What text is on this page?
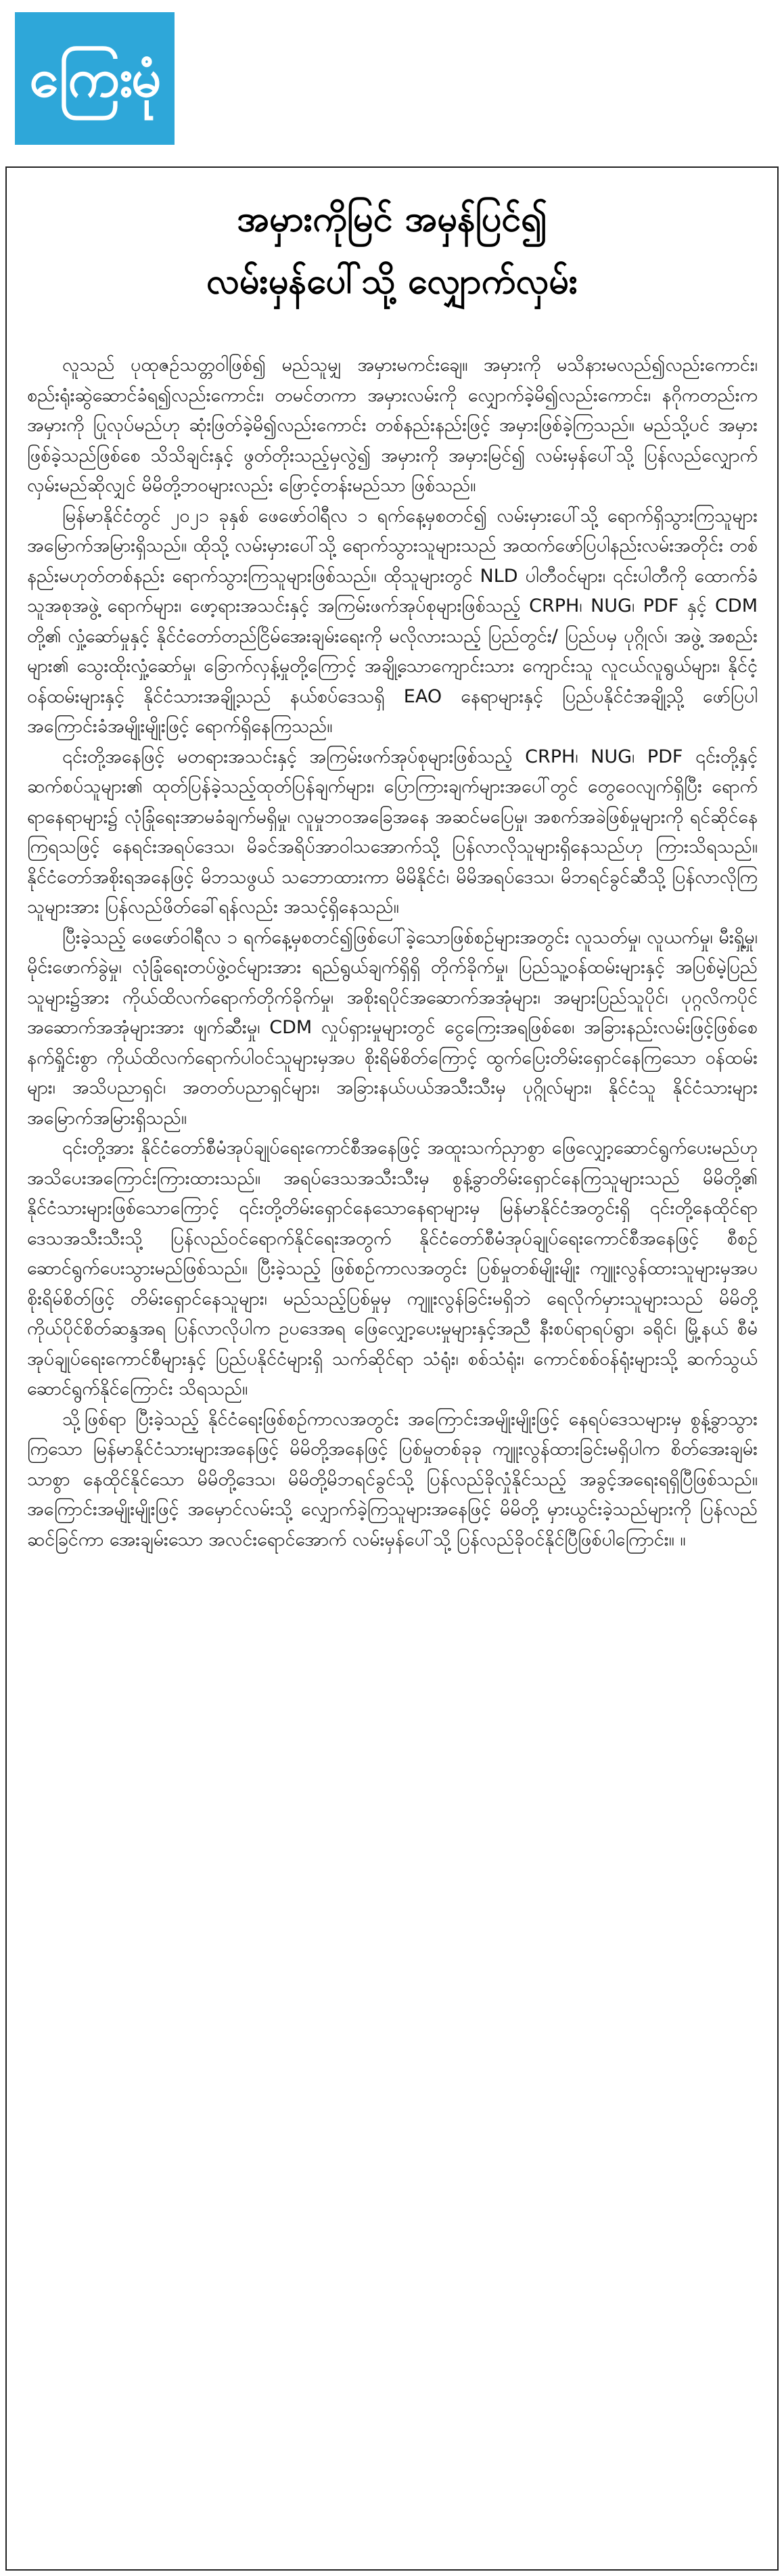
ကြေးမုံ
အမှားကိုမြင် အမှန်ပြင်၍
လမ်းမှန်ပေါ်သို့ လျှောက်လှမ်း

လူသည် ပုထုဇဉ်သတ္တဝါဖြစ်၍ မည်သူမျှ အမှားမကင်းချေ။ အမှားကို မသိနားမလည်၍လည်းကောင်း၊ စည်းရုံးဆွဲဆောင်ခံရ၍လည်းကောင်း၊ တမင်တကာ အမှားလမ်းကို လျှောက်ခဲ့မိ၍လည်းကောင်း၊ နဂိုကတည်းက အမှားကို ပြုလုပ်မည်ဟု ဆုံးဖြတ်ခဲ့မိ၍လည်းကောင်း တစ်နည်းနည်းဖြင့် အမှားဖြစ်ခဲ့ကြသည်။ မည်သို့ပင် အမှားဖြစ်ခဲ့သည်ဖြစ်စေ သိသိချင်းနှင့် ဖွတ်တိုးသည့်မှလွဲ၍ အမှားကို အမှားမြင်၍ လမ်းမှန်ပေါ်သို့ ပြန်လည်လျှောက်လှမ်းမည်ဆိုလျှင် မိမိတို့ဘဝများလည်း ဖြောင့်တန်းမည်သာ ဖြစ်သည်။

မြန်မာနိုင်ငံတွင် ၂၀၂၁ ခုနှစ် ဖေဖော်ဝါရီလ ၁ ရက်နေ့မှစတင်၍ လမ်းမှားပေါ်သို့ ရောက်ရှိသွားကြသူများ အမြောက်အမြားရှိသည်။ ထိုသို့ လမ်းမှားပေါ်သို့ ရောက်သွားသူများသည် အထက်ဖော်ပြပါနည်းလမ်းအတိုင်း တစ်နည်းမဟုတ်တစ်နည်း ရောက်သွားကြသူများဖြစ်သည်။ ထိုသူများတွင် NLD ပါတီဝင်များ၊ ၎င်းပါတီကို ထောက်ခံသူအစုအဖွဲ့ ရောက်များ၊ ဖော့ရားအသင်းနှင့် အကြမ်းဖက်အုပ်စုများဖြစ်သည့် CRPH၊ NUG၊ PDF နှင့် CDM တို့၏ လှုံ့ဆော်မှုနှင့် နိုင်ငံတော်တည်ငြိမ်အေးချမ်းရေးကို မလိုလားသည့် ပြည်တွင်း/ ပြည်ပမှ ပုဂ္ဂိုလ်၊ အဖွဲ့ အစည်းများ၏ သွေးထိုးလှုံ့ဆော်မှု၊ ခြောက်လှန့်မှုတို့ကြောင့် အချို့သောကျောင်းသား ကျောင်းသူ လူငယ်လူရွယ်များ၊ နိုင်ငံ့ဝန်ထမ်းများနှင့် နိုင်ငံသားအချို့သည် နယ်စပ်ဒေသရှိ EAO နေရာများနှင့် ပြည်ပနိုင်ငံအချို့သို့ ဖော်ပြပါအကြောင်းခံအမျိုးမျိုးဖြင့် ရောက်ရှိနေကြသည်။

၎င်းတို့အနေဖြင့် မတရားအသင်းနှင့် အကြမ်းဖက်အုပ်စုများဖြစ်သည့် CRPH၊ NUG၊ PDF ၎င်းတို့နှင့်ဆက်စပ်သူများ၏ ထုတ်ပြန်ခဲ့သည့်ထုတ်ပြန်ချက်များ၊ ပြောကြားချက်များအပေါ်တွင် တွေဝေလျက်ရှိပြီး ရောက်ရာနေရာများ၌ လုံခြုံရေးအာမခံချက်မရှိမှု၊ လူမှုဘဝအခြေအနေ အဆင်မပြေမှု၊ အစက်အခဲဖြစ်မှုများကို ရင်ဆိုင်နေကြရသဖြင့် နေရင်းအရပ်ဒေသ၊ မိခင်အရိပ်အာဝါသအောက်သို့ ပြန်လာလိုသူများရှိနေသည်ဟု ကြားသိရသည်။ နိုင်ငံတော်အစိုးရအနေဖြင့် မိဘသဖွယ် သဘောထားကာ မိမိနိုင်ငံ၊ မိမိအရပ်ဒေသ၊ မိဘရင်ခွင်ဆီသို့ ပြန်လာလိုကြသူများအား ပြန်လည်ဖိတ်ခေါ်ရန်လည်း အသင့်ရှိနေသည်။

ပြီးခဲ့သည့် ဖေဖော်ဝါရီလ ၁ ရက်နေ့မှစတင်၍ဖြစ်ပေါ်ခဲ့သောဖြစ်စဉ်များအတွင်း လူသတ်မှု၊ လူယက်မှု၊ မီးရှို့မှု၊ မိုင်းဖောက်ခွဲမှု၊ လုံခြုံရေးတပ်ဖွဲ့ဝင်များအား ရည်ရွယ်ချက်ရှိရှိ တိုက်ခိုက်မှု၊ ပြည်သူ့ဝန်ထမ်းများနှင့် အပြစ်မဲ့ပြည်သူများ၌အား ကိုယ်ထိလက်ရောက်တိုက်ခိုက်မှု၊ အစိုးရပိုင်အဆောက်အအုံများ၊ အများပြည်သူပိုင်၊ ပုဂ္ဂလိကပိုင်အဆောက်အအုံများအား ဖျက်ဆီးမှု၊ CDM လှုပ်ရှားမှုများတွင် ငွေကြေးအရဖြစ်စေ၊ အခြားနည်းလမ်းဖြင့်ဖြစ်စေ နက်ရှိုင်းစွာ ကိုယ်ထိလက်ရောက်ပါဝင်သူများမှအပ စိုးရိမ်စိတ်ကြောင့် ထွက်ပြေးတိမ်းရှောင်နေကြသော ဝန်ထမ်းများ၊ အသိပညာရှင်၊ အတတ်ပညာရှင်များ၊ အခြားနယ်ပယ်အသီးသီးမှ ပုဂ္ဂိုလ်များ၊ နိုင်ငံသူ နိုင်ငံသားများ အမြောက်အမြားရှိသည်။

၎င်းတို့အား နိုင်ငံတော်စီမံအုပ်ချုပ်ရေးကောင်စီအနေဖြင့် အထူးသက်ညှာစွာ ဖြေလျှော့ဆောင်ရွက်ပေးမည်ဟု အသိပေးအကြောင်းကြားထားသည်။ အရပ်ဒေသအသီးသီးမှ စွန့်ခွာတိမ်းရှောင်နေကြသူများသည် မိမိတို့၏ နိုင်ငံသားများဖြစ်သောကြောင့် ၎င်းတို့တိမ်းရှောင်နေသောနေရာများမှ မြန်မာနိုင်ငံအတွင်းရှိ ၎င်းတို့နေထိုင်ရာ ဒေသအသီးသီးသို့ ပြန်လည်ဝင်ရောက်နိုင်ရေးအတွက် နိုင်ငံတော်စီမံအုပ်ချုပ်ရေးကောင်စီအနေဖြင့် စီစဉ်ဆောင်ရွက်ပေးသွားမည်ဖြစ်သည်။ ပြီးခဲ့သည့် ဖြစ်စဉ်ကာလအတွင်း ပြစ်မှုတစ်မျိုးမျိုး ကျူးလွန်ထားသူများမှအပ စိုးရိမ်စိတ်ဖြင့် တိမ်းရှောင်နေသူများ၊ မည်သည့်ပြစ်မှုမှ ကျူးလွန်ခြင်းမရှိဘဲ ရေလိုက်မှားသူများသည် မိမိတို့ကိုယ်ပိုင်စိတ်ဆန္ဒအရ ပြန်လာလိုပါက ဥပဒေအရ ဖြေလျှော့ပေးမှုများနှင့်အညီ နီးစပ်ရာရပ်ရွာ၊ ခရိုင်၊ မြို့နယ် စီမံအုပ်ချုပ်ရေးကောင်စီများနှင့် ပြည်ပနိုင်ငံများရှိ သက်ဆိုင်ရာ သံရုံး၊ စစ်သံရုံး၊ ကောင်စစ်ဝန်ရုံးများသို့ ဆက်သွယ်ဆောင်ရွက်နိုင်ကြောင်း သိရသည်။

သို့ဖြစ်ရာ ပြီးခဲ့သည့် နိုင်ငံရေးဖြစ်စဉ်ကာလအတွင်း အကြောင်းအမျိုးမျိုးဖြင့် နေရပ်ဒေသများမှ စွန့်ခွာသွားကြသော မြန်မာနိုင်ငံသားများအနေဖြင့် မိမိတို့အနေဖြင့် ပြစ်မှုတစ်ခုခု ကျူးလွန်ထားခြင်းမရှိပါက စိတ်အေးချမ်းသာစွာ နေထိုင်နိုင်သော မိမိတို့ဒေသ၊ မိမိတို့မိဘရင်ခွင်သို့ ပြန်လည်ခိုလှုံနိုင်သည့် အခွင့်အရေးရရှိပြီဖြစ်သည်။ အကြောင်းအမျိုးမျိုးဖြင့် အမှောင်လမ်းသို့ လျှောက်ခဲ့ကြသူများအနေဖြင့် မိမိတို့ မှားယွင်းခဲ့သည်များကို ပြန်လည်ဆင်ခြင်ကာ အေးချမ်းသော အလင်းရောင်အောက် လမ်းမှန်ပေါ်သို့ ပြန်လည်ခိုဝင်နိုင်ပြီဖြစ်ပါကြောင်း။ ။
